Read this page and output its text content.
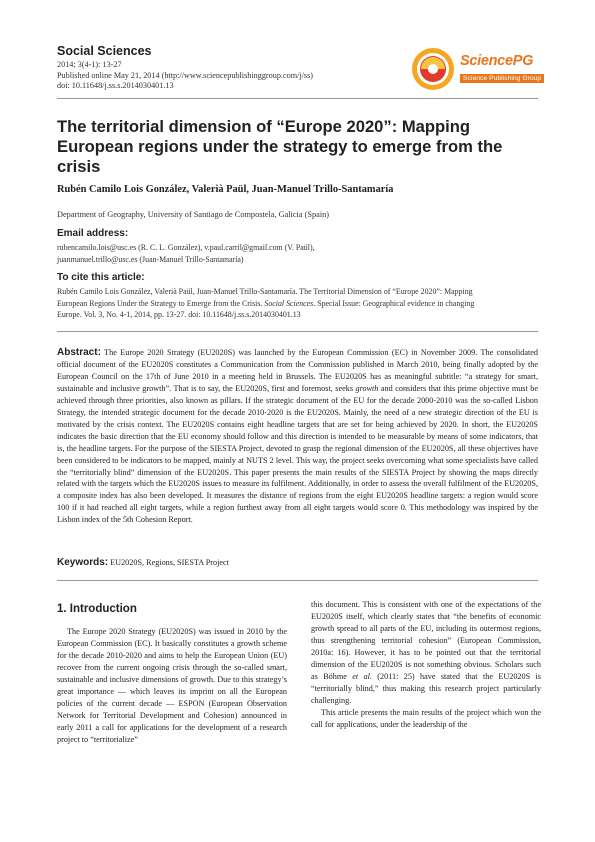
Social Sciences
2014; 3(4-1): 13-27
Published online May 21, 2014 (http://www.sciencepublishinggroup.com/j/ss)
doi: 10.11648/j.ss.s.2014030401.13
SciencePG
Science Publishing Group
The territorial dimension of “Europe 2020”: Mapping European regions under the strategy to emerge from the crisis
Rubén Camilo Lois González, Valerià Paül, Juan-Manuel Trillo-Santamaría
Department of Geography, University of Santiago de Compostela, Galicia (Spain)
Email address:
rubencamilo.lois@usc.es (R. C. L. González), v.paul.carril@gmail.com (V. Paül),
juanmanuel.trillo@usc.es (Juan-Manuel Trillo-Santamaría)
To cite this article:
Rubén Camilo Lois González, Valerià Paül, Juan-Manuel Trillo-Santamaría. The Territorial Dimension of “Europe 2020”: Mapping
European Regions Under the Strategy to Emerge from the Crisis. Social Sciences. Special Issue: Geographical evidence in changing
Europe. Vol. 3, No. 4-1, 2014, pp. 13-27. doi: 10.11648/j.ss.s.2014030401.13
Abstract: The Europe 2020 Strategy (EU2020S) was launched by the European Commission (EC) in November 2009. The consolidated official document of the EU2020S constitutes a Communication from the Commission published in March 2010, being finally adopted by the European Council on the 17th of June 2010 in a meeting held in Brussels. The EU2020S has as meaningful subtitle: “a strategy for smart, sustainable and inclusive growth”. That is to say, the EU2020S, first and foremost, seeks growth and considers that this prime objective must be achieved through three priorities, also known as pillars. If the strategic document of the EU for the decade 2000-2010 was the so-called Lisbon Strategy, the intended strategic document for the decade 2010-2020 is the EU2020S. Mainly, the need of a new strategic direction of the EU is motivated by the crisis context. The EU2020S contains eight headline targets that are set for being achieved by 2020. In short, the EU2020S indicates the basic direction that the EU economy should follow and this direction is intended to be measurable by means of some indicators, that is, the headline targets. For the purpose of the SIESTA Project, devoted to grasp the regional dimension of the EU2020S, all these objectives have been considered to be indicators to be mapped, mainly at NUTS 2 level. This way, the project seeks overcoming what some specialists have called the “territorially blind” dimension of the EU2020S. This paper presents the main results of the SIESTA Project by showing the maps directly related with the targets which the EU2020S issues to measure its fulfilment. Additionally, in order to assess the overall fulfilment of the EU2020S, a composite index has also been developed. It measures the distance of regions from the eight EU2020S headline targets: a region would score 100 if it had reached all eight targets, while a region furthest away from all eight targets would score 0. This methodology was inspired by the Lisbon index of the 5th Cohesion Report.
Keywords: EU2020S, Regions, SIESTA Project
1. Introduction

The Europe 2020 Strategy (EU2020S) was issued in 2010 by the European Commission (EC). It basically constitutes a growth scheme for the decade 2010-2020 and aims to help the European Union (EU) recover from the current ongoing crisis through the so-called smart, sustainable and inclusive dimensions of growth. Due to this strategy’s great importance — which leaves its imprint on all the European policies of the current decade — ESPON (European Observation Network for Territorial Development and Cohesion) announced in early 2011 a call for applications for the development of a research project to “territorialize”

this document. This is consistent with one of the expectations of the EU2020S itself, which clearly states that “the benefits of economic growth spread to all parts of the EU, including its outermost regions, thus strengthening territorial cohesion” (European Commission, 2010a: 16). However, it has to be pointed out that the territorial dimension of the EU2020S is not something obvious. Scholars such as Böhme et al. (2011: 25) have stated that the EU2020S is “territorially blind,” thus making this research project particularly challenging.

This article presents the main results of the project which won the call for applications, under the leadership of the
